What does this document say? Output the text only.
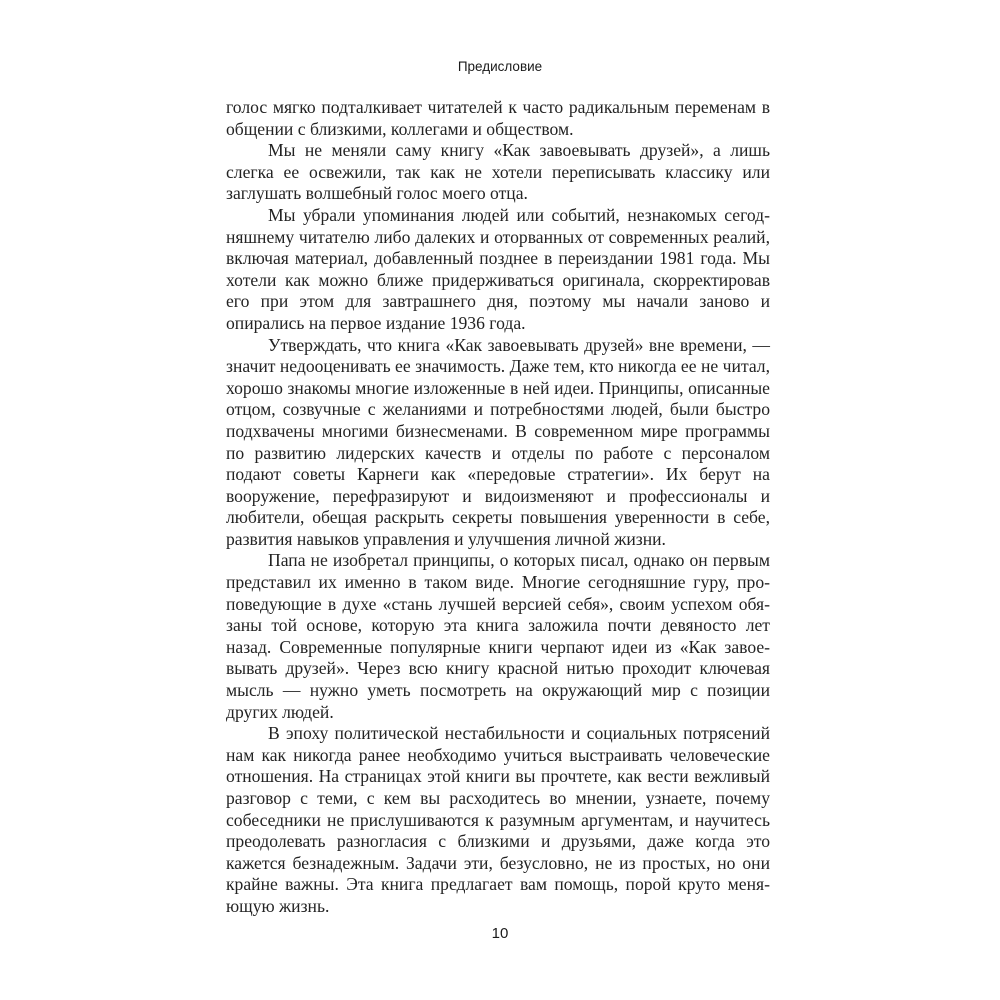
Предисловие

голос мягко подталкивает читателей к часто радикальным переменам в общении с близкими, коллегами и обществом.

Мы не меняли саму книгу «Как завоевывать друзей», а лишь слегка ее освежили, так как не хотели переписывать классику или заглушать волшебный голос моего отца.

Мы убрали упоминания людей или событий, незнакомых сегодняшнему читателю либо далеких и оторванных от современных реалий, включая материал, добавленный позднее в переиздании 1981 года. Мы хотели как можно ближе придерживаться оригинала, скорректировав его при этом для завтрашнего дня, поэтому мы начали заново и опирались на первое издание 1936 года.

Утверждать, что книга «Как завоевывать друзей» вне времени, — значит недооценивать ее значимость. Даже тем, кто никогда ее не читал, хорошо знакомы многие изложенные в ней идеи. Принципы, описанные отцом, созвучные с желаниями и потребностями людей, были быстро подхвачены многими бизнесменами. В современном мире программы по развитию лидерских качеств и отделы по работе с персоналом подают советы Карнеги как «передовые стратегии». Их берут на вооружение, перефразируют и видоизменяют и профессионалы и любители, обещая раскрыть секреты повышения уверенности в себе, развития навыков управления и улучшения личной жизни.

Папа не изобретал принципы, о которых писал, однако он первым представил их именно в таком виде. Многие сегодняшние гуру, проповедующие в духе «стань лучшей версией себя», своим успехом обязаны той основе, которую эта книга заложила почти девяносто лет назад. Современные популярные книги черпают идеи из «Как завоевывать друзей». Через всю книгу красной нитью проходит ключевая мысль — нужно уметь посмотреть на окружающий мир с позиции других людей.

В эпоху политической нестабильности и социальных потрясений нам как никогда ранее необходимо учиться выстраивать человеческие отношения. На страницах этой книги вы прочтете, как вести вежливый разговор с теми, с кем вы расходитесь во мнении, узнаете, почему собеседники не прислушиваются к разумным аргументам, и научитесь преодолевать разногласия с близкими и друзьями, даже когда это кажется безнадежным. Задачи эти, безусловно, не из простых, но они крайне важны. Эта книга предлагает вам помощь, порой круто меняющую жизнь.

10
